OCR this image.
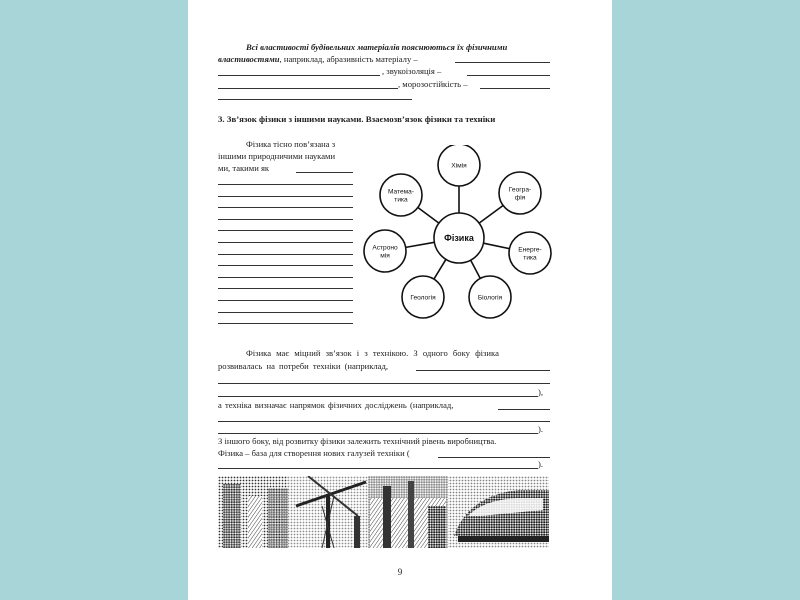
Всі властивості будівельних матеріалів пояснюються їх фізичними
властивостями, наприклад, абразивність матеріалу –
, звукоізоляція –
, морозостійкість –
3. Зв’язок фізики з іншими науками. Взаємозв’язок фізики та техніки
Фізика тісно пов’язана з
іншими природничими науками
ми, такими як
Фізика
Хімія
Геогра-
фія
Енерге-
тика
Біологія
Геологія
Астроно
мія
Матема-
тика
Фізика має міцний зв’язок і з технікою. З одного боку фізика
розвивалась на потреби техніки (наприклад,
),
а техніка визначає напрямок фізичних досліджень (наприклад,
).
З іншого боку, від розвитку фізики залежить технічний рівень виробництва.
Фізика – база для створення нових галузей техніки (
).
9
